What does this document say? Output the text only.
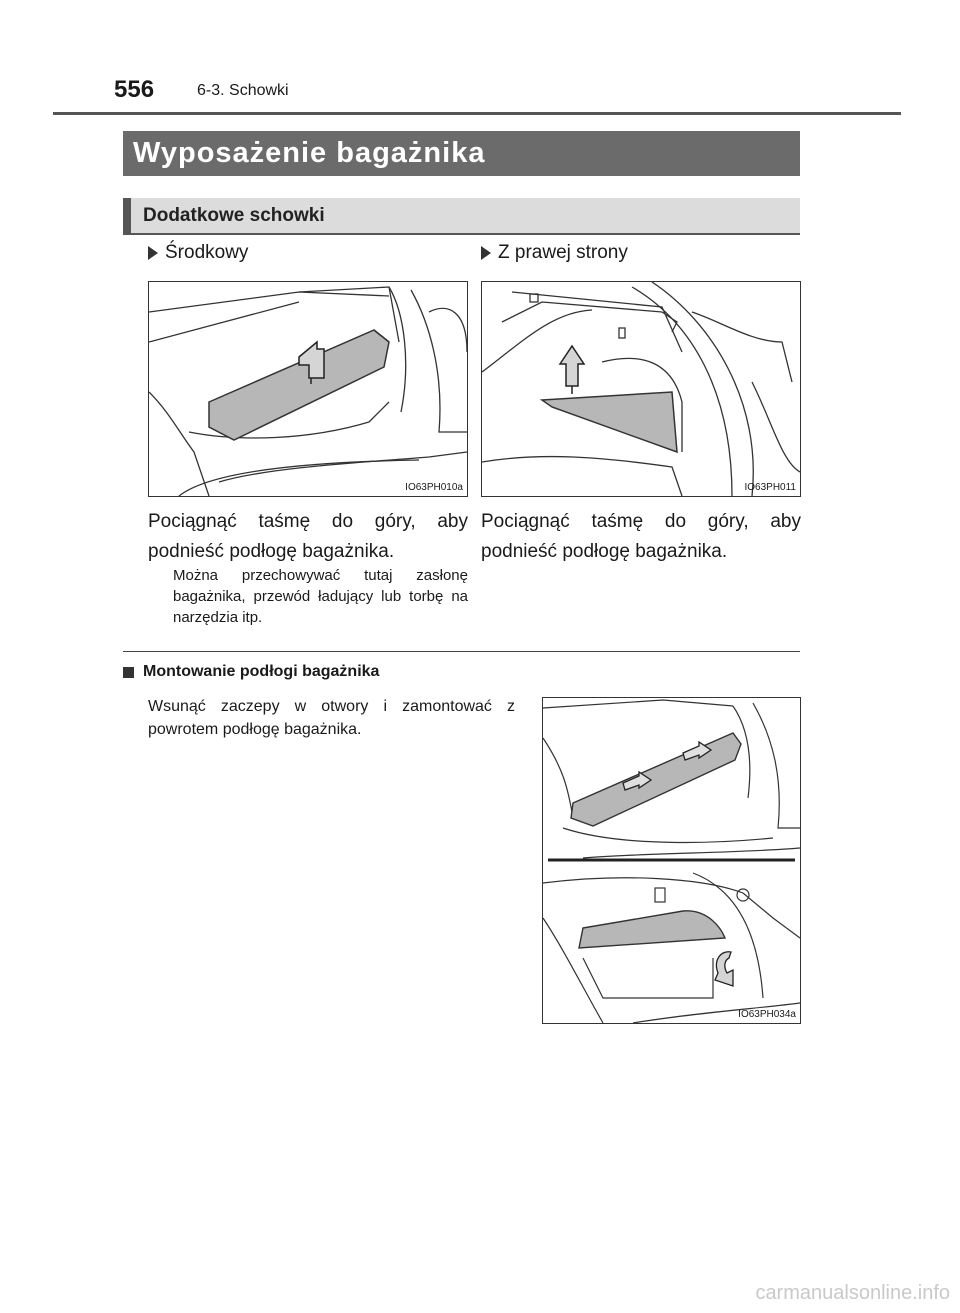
556	6-3. Schowki
Wyposażenie bagażnika
Dodatkowe schowki
Środkowy
IO63PH010a
Pociągnąć taśmę do góry, aby podnieść podłogę bagażnika.
Można przechowywać tutaj zasłonę bagażnika, przewód ładujący lub torbę na narzędzia itp.
Z prawej strony
IO63PH011
Pociągnąć taśmę do góry, aby podnieść podłogę bagażnika.
Montowanie podłogi bagażnika
Wsunąć zaczepy w otwory i zamontować z powrotem podłogę bagażnika.
IO63PH034a
carmanualsonline.info
